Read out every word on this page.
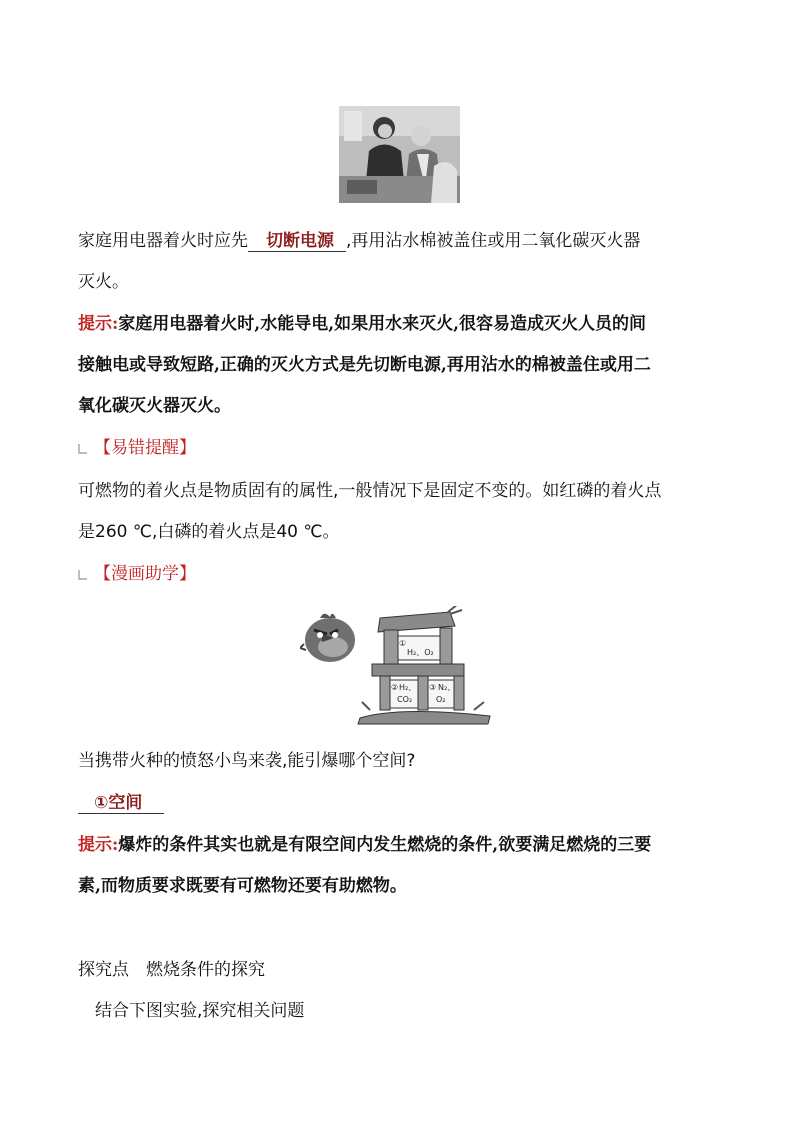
家庭用电器着火时应先 切断电源 ,再用沾水棉被盖住或用二氧化碳灭火器
灭火。
提示:家庭用电器着火时,水能导电,如果用水来灭火,很容易造成灭火人员的间
接触电或导致短路,正确的灭火方式是先切断电源,再用沾水的棉被盖住或用二
氧化碳灭火器灭火。
【易错提醒】
可燃物的着火点是物质固有的属性,一般情况下是固定不变的。如红磷的着火点
是260 ℃,白磷的着火点是40 ℃。
【漫画助学】
①
H₂、O₂
② H₂、
CO₂
③ N₂、
O₂
当携带火种的愤怒小鸟来袭,能引爆哪个空间?
①空间
提示:爆炸的条件其实也就是有限空间内发生燃烧的条件,欲要满足燃烧的三要
素,而物质要求既要有可燃物还要有助燃物。
探究点　燃烧条件的探究
结合下图实验,探究相关问题
